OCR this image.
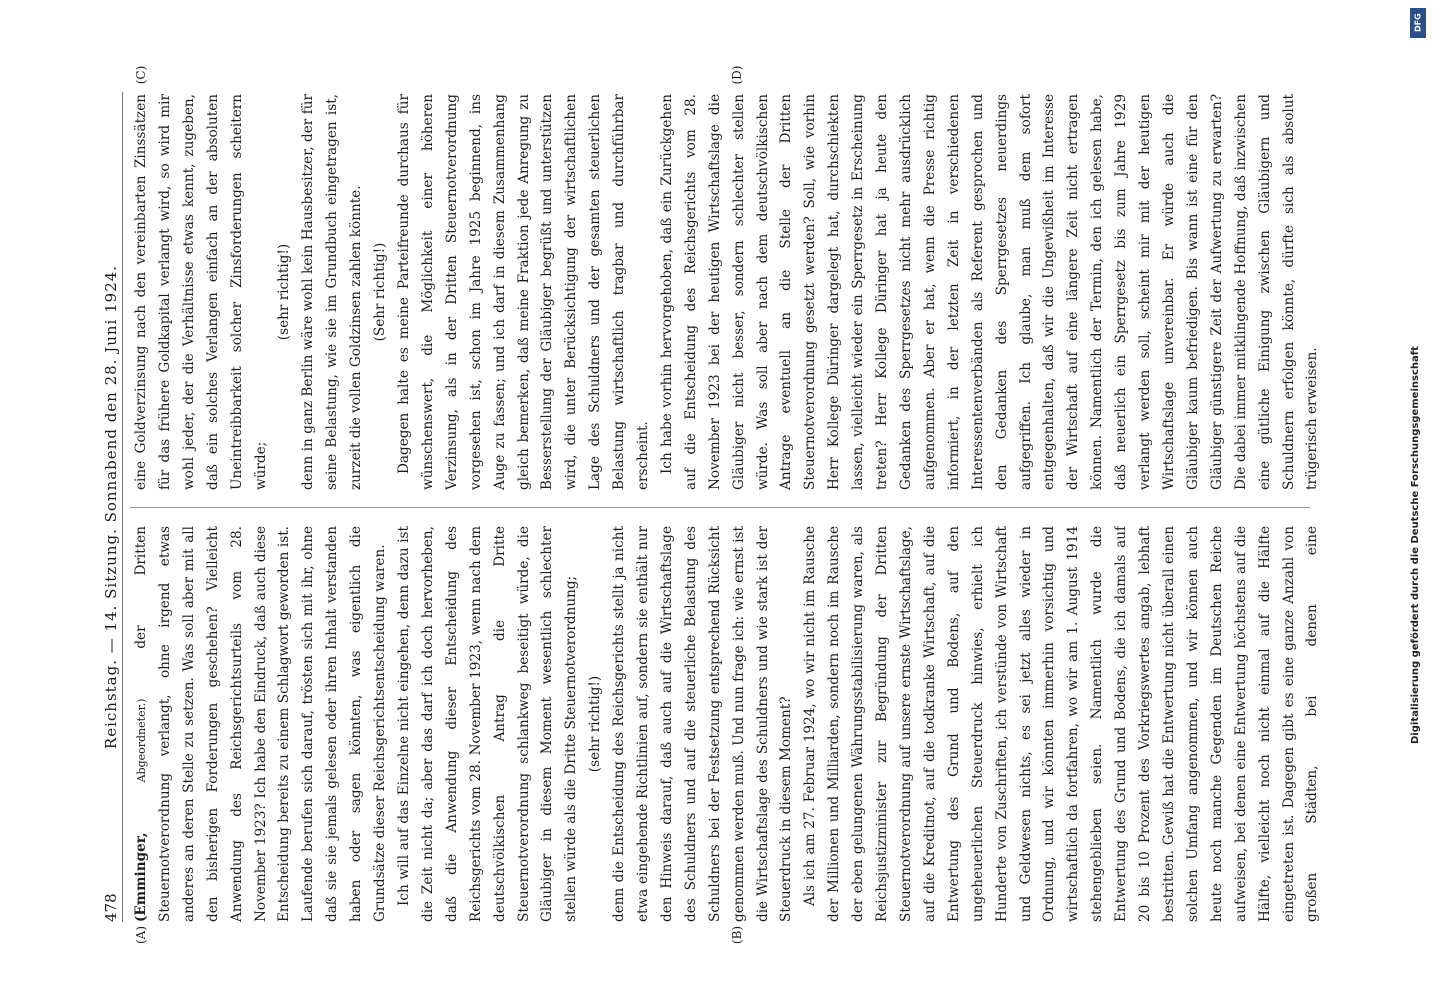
478
Reichstag. — 14. Sitzung. Sonnabend den 28. Juni 1924.

(Emminger, Abgeordneter.) der Dritten Steuernotverordnung verlangt, ohne irgend etwas anderes an deren Stelle zu setzen. Was soll aber mit all den bisherigen Forderungen geschehen? Vielleicht Anwendung des Reichsgerichtsurteils vom 28. November 1923? Ich habe den Eindruck, daß auch diese Entscheidung bereits zu einem Schlagwort geworden ist. Laufende berufen sich darauf, trösten sich mit ihr, ohne daß sie sie jemals gelesen oder ihren Inhalt verstanden haben oder sagen könnten, was eigentlich die Grundsätze dieser Reichsgerichtsentscheidung waren. Ich will auf das Einzelne nicht eingehen, denn dazu ist die Zeit nicht da; aber das darf ich doch hervorheben, daß die Anwendung dieser Entscheidung des Reichsgerichts vom 28. November 1923, wenn nach dem deutschvölkischen Antrag die Dritte Steuernotverordnung schlankweg beseitigt würde, die Gläubiger in diesem Moment wesentlich schlechter stellen würde als die Dritte Steuernotverordnung; (sehr richtig!) denn die Entscheidung des Reichsgerichts stellt ja nicht etwa eingehende Richtlinien auf, sondern sie enthält nur den Hinweis darauf, daß auch auf die Wirtschaftslage des Schuldners und auf die steuerliche Belastung des Schuldners bei der Festsetzung entsprechend Rücksicht genommen werden muß. Und nun frage ich: wie ernst ist die Wirtschaftslage des Schuldners und wie stark ist der Steuerdruck in diesem Moment? Als ich am 27. Februar 1924, wo wir nicht im Rausche der Millionen und Milliarden, sondern noch im Rausche der eben gelungenen Währungsstabilisierung waren, als Reichsjustizminister zur Begründung der Dritten Steuernotverordnung auf unsere ernste Wirtschaftslage, auf die Kreditnot, auf die todkranke Wirtschaft, auf die Entwertung des Grund und Bodens, auf den ungeheuerlichen Steuerdruck hinwies, erhielt ich Hunderte von Zuschriften, ich verstünde von Wirtschaft und Geldwesen nichts, es sei jetzt alles wieder in Ordnung, und wir könnten immerhin vorsichtig und wirtschaftlich da fortfahren, wo wir am 1. August 1914 stehengeblieben seien. Namentlich wurde die Entwertung des Grund und Bodens, die ich damals auf 20 bis 10 Prozent des Vorkriegswertes angab, lebhaft bestritten. Gewiß hat die Entwertung nicht überall einen solchen Umfang angenommen, und wir können auch heute noch manche Gegenden im Deutschen Reiche aufweisen, bei denen eine Entwertung höchstens auf die Hälfte, vielleicht noch nicht einmal auf die Hälfte eingetreten ist. Dagegen gibt es eine ganze Anzahl von großen Städten, bei denen eine

eine Goldverzinsung nach den vereinbarten Zinssätzen für das frühere Goldkapital verlangt wird, so wird mir wohl jeder, der die Verhältnisse etwas kennt, zugeben, daß ein solches Verlangen einfach an der absoluten Uneintreibbarkeit solcher Zinsforderungen scheitern würde;

(sehr richtig!) denn in ganz Berlin wäre wohl kein Hausbesitzer, der für seine Belastung, wie sie im Grundbuch eingetragen ist, zurzeit die vollen Goldzinsen zahlen könnte. (Sehr richtig!) Dagegen halte es meine Parteifreunde durchaus für wünschenswert, die Möglichkeit einer höheren Verzinsung, als in der Dritten Steuernotverordnung vorgesehen ist, schon im Jahre 1925 beginnend, ins Auge zu fassen; und ich darf in diesem Zusammenhang gleich bemerken, daß meine Fraktion jede Anregung zu Besserstellung der Gläubiger begrüßt und unterstützen wird, die unter Berücksichtigung der wirtschaftlichen Lage des Schuldners und der gesamten steuerlichen Belastung wirtschaftlich tragbar und durchführbar erscheint. Ich habe vorhin hervorgehoben, daß ein Zurückgehen auf die Entscheidung des Reichsgerichts vom 28. November 1923 bei der heutigen Wirtschaftslage die Gläubiger nicht besser, sondern schlechter stellen würde. Was soll aber nach dem deutschvölkischen Antrage eventuell an die Stelle der Dritten Steuernotverordnung gesetzt werden? Soll, wie vorhin Herr Kollege Düringer dargelegt hat, durchschiekten lassen, vielleicht wieder ein Sperrgesetz in Erscheinung treten? Herr Kollege Düringer hat ja heute den Gedanken des Sperrgesetzes nicht mehr ausdrücklich aufgenommen. Aber er hat, wenn die Presse richtig informiert, in der letzten Zeit in verschiedenen Interessentenverbänden als Referent gesprochen und den Gedanken des Sperrgesetzes neuerdings aufgegriffen. Ich glaube, man muß dem sofort entgegenhalten, daß wir die Ungewißheit im Interesse der Wirtschaft auf eine längere Zeit nicht ertragen können. Namentlich der Termin, den ich gelesen habe, daß neuerlich ein Sperrgesetz bis zum Jahre 1929 verlangt werden soll, scheint mir mit der heutigen Wirtschaftslage unvereinbar. Er würde auch die Gläubiger kaum befriedigen. Bis wann ist eine für den Gläubiger günstigere Zeit der Aufwertung zu erwarten? Die dabei immer mitklingende Hoffnung, daß inzwischen eine gütliche Einigung zwischen Gläubigern und Schuldnern erfolgen könnte, dürfte sich als absolut trügerisch erweisen.

(A)	(B)
(C)	(D)
DFG
Digitalisierung gefördert durch die Deutsche Forschungsgemeinschaft
